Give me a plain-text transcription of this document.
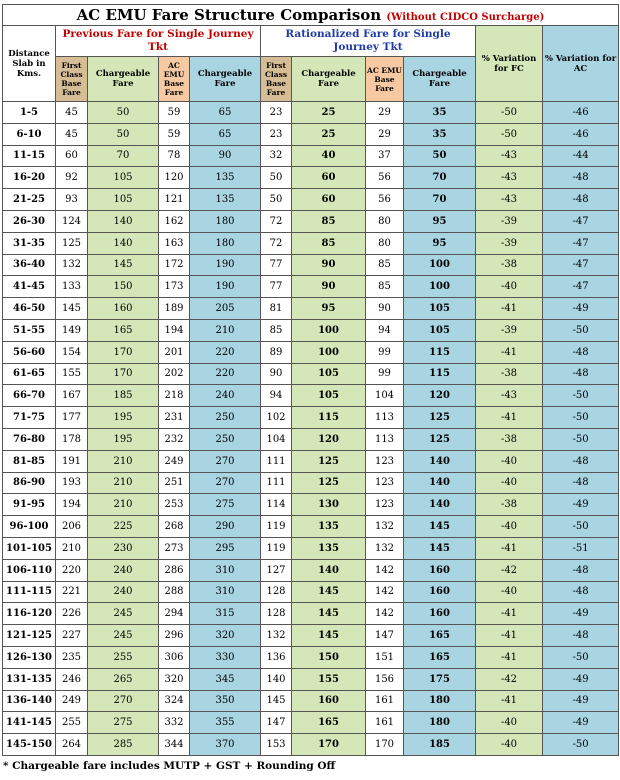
AC EMU Fare Structure Comparison (Without CIDCO Surcharge)										
Distance Slab in Kms.	Previous Fare for Single Journey Tkt				Rationalized Fare for Single Journey Tkt				% Variation for FC	% Variation for AC
	First Class Base Fare	Chargeable Fare	AC EMU Base Fare	Chargeable Fare	First Class Base Fare	Chargeable Fare	AC EMU Base Fare	Chargeable Fare		
1-5	45	50	59	65	23	25	29	35	-50	-46
6-10	45	50	59	65	23	25	29	35	-50	-46
11-15	60	70	78	90	32	40	37	50	-43	-44
16-20	92	105	120	135	50	60	56	70	-43	-48
21-25	93	105	121	135	50	60	56	70	-43	-48
26-30	124	140	162	180	72	85	80	95	-39	-47
31-35	125	140	163	180	72	85	80	95	-39	-47
36-40	132	145	172	190	77	90	85	100	-38	-47
41-45	133	150	173	190	77	90	85	100	-40	-47
46-50	145	160	189	205	81	95	90	105	-41	-49
51-55	149	165	194	210	85	100	94	105	-39	-50
56-60	154	170	201	220	89	100	99	115	-41	-48
61-65	155	170	202	220	90	105	99	115	-38	-48
66-70	167	185	218	240	94	105	104	120	-43	-50
71-75	177	195	231	250	102	115	113	125	-41	-50
76-80	178	195	232	250	104	120	113	125	-38	-50
81-85	191	210	249	270	111	125	123	140	-40	-48
86-90	193	210	251	270	111	125	123	140	-40	-48
91-95	194	210	253	275	114	130	123	140	-38	-49
96-100	206	225	268	290	119	135	132	145	-40	-50
101-105	210	230	273	295	119	135	132	145	-41	-51
106-110	220	240	286	310	127	140	142	160	-42	-48
111-115	221	240	288	310	128	145	142	160	-40	-48
116-120	226	245	294	315	128	145	142	160	-41	-49
121-125	227	245	296	320	132	145	147	165	-41	-48
126-130	235	255	306	330	136	150	151	165	-41	-50
131-135	246	265	320	345	140	155	156	175	-42	-49
136-140	249	270	324	350	145	160	161	180	-41	-49
141-145	255	275	332	355	147	165	161	180	-40	-49
145-150	264	285	344	370	153	170	170	185	-40	-50
* Chargeable fare includes MUTP + GST + Rounding Off
